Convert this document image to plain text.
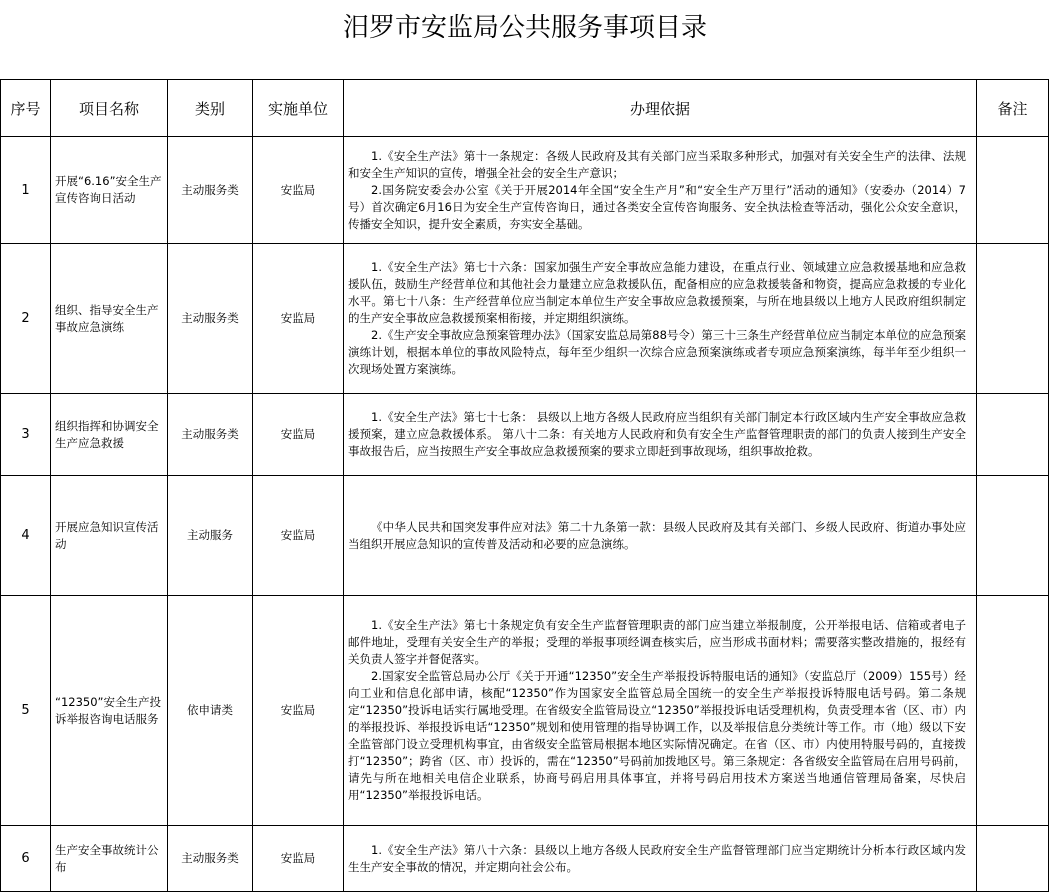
汨罗市安监局公共服务事项目录
序号	项目名称	类别	实施单位	办理依据	备注
1	开展“6.16”安全生产宣传咨询日活动	主动服务类	安监局	1.《安全生产法》第十一条规定：各级人民政府及其有关部门应当采取多种形式，加强对有关安全生产的法律、法规和安全生产知识的宣传，增强全社会的安全生产意识；

2.国务院安委会办公室《关于开展2014年全国“安全生产月”和“安全生产万里行”活动的通知》（安委办（2014）7号）首次确定6月16日为安全生产宣传咨询日，通过各类安全宣传咨询服务、安全执法检查等活动，强化公众安全意识，传播安全知识，提升安全素质，夯实安全基础。	

2	组织、指导安全生产事故应急演练	主动服务类	安监局	1.《安全生产法》第七十六条：国家加强生产安全事故应急能力建设，在重点行业、领域建立应急救援基地和应急救援队伍，鼓励生产经营单位和其他社会力量建立应急救援队伍，配备相应的应急救援装备和物资，提高应急救援的专业化水平。第七十八条：生产经营单位应当制定本单位生产安全事故应急救援预案，与所在地县级以上地方人民政府组织制定的生产安全事故应急救援预案相衔接，并定期组织演练。

2.《生产安全事故应急预案管理办法》（国家安监总局第88号令）第三十三条生产经营单位应当制定本单位的应急预案演练计划，根据本单位的事故风险特点，每年至少组织一次综合应急预案演练或者专项应急预案演练，每半年至少组织一次现场处置方案演练。	

3	组织指挥和协调安全生产应急救援	主动服务类	安监局	1.《安全生产法》第七十七条： 县级以上地方各级人民政府应当组织有关部门制定本行政区域内生产安全事故应急救援预案，建立应急救援体系。 第八十二条：有关地方人民政府和负有安全生产监督管理职责的部门的负责人接到生产安全事故报告后，应当按照生产安全事故应急救援预案的要求立即赶到事故现场，组织事故抢救。	

4	开展应急知识宣传活动	主动服务	安监局	《中华人民共和国突发事件应对法》第二十九条第一款：县级人民政府及其有关部门、乡级人民政府、街道办事处应当组织开展应急知识的宣传普及活动和必要的应急演练。	

5	“12350”安全生产投诉举报咨询电话服务	依申请类	安监局	1.《安全生产法》第七十条规定负有安全生产监督管理职责的部门应当建立举报制度，公开举报电话、信箱或者电子邮件地址，受理有关安全生产的举报；受理的举报事项经调查核实后，应当形成书面材料；需要落实整改措施的，报经有关负责人签字并督促落实。

2.国家安全监管总局办公厅《关于开通“12350”安全生产举报投诉特服电话的通知》（安监总厅（2009）155号）经向工业和信息化部申请，核配“12350”作为国家安全监管总局全国统一的安全生产举报投诉特服电话号码。第二条规定“12350”投诉电话实行属地受理。在省级安全监管局设立“12350”举报投诉电话受理机构，负责受理本省（区、市）内的举报投诉、举报投诉电话“12350”规划和使用管理的指导协调工作，以及举报信息分类统计等工作。市（地）级以下安全监管部门设立受理机构事宜，由省级安全监管局根据本地区实际情况确定。在省（区、市）内使用特服号码的，直接拨打“12350”；跨省（区、市）投诉的，需在“12350”号码前加拨地区号。第三条规定：各省级安全监管局在启用号码前，请先与所在地相关电信企业联系，协商号码启用具体事宜，并将号码启用技术方案送当地通信管理局备案，尽快启用“12350”举报投诉电话。	

6	生产安全事故统计公布	主动服务类	安监局	1.《安全生产法》第八十六条：县级以上地方各级人民政府安全生产监督管理部门应当定期统计分析本行政区域内发生生产安全事故的情况，并定期向社会公布。	
